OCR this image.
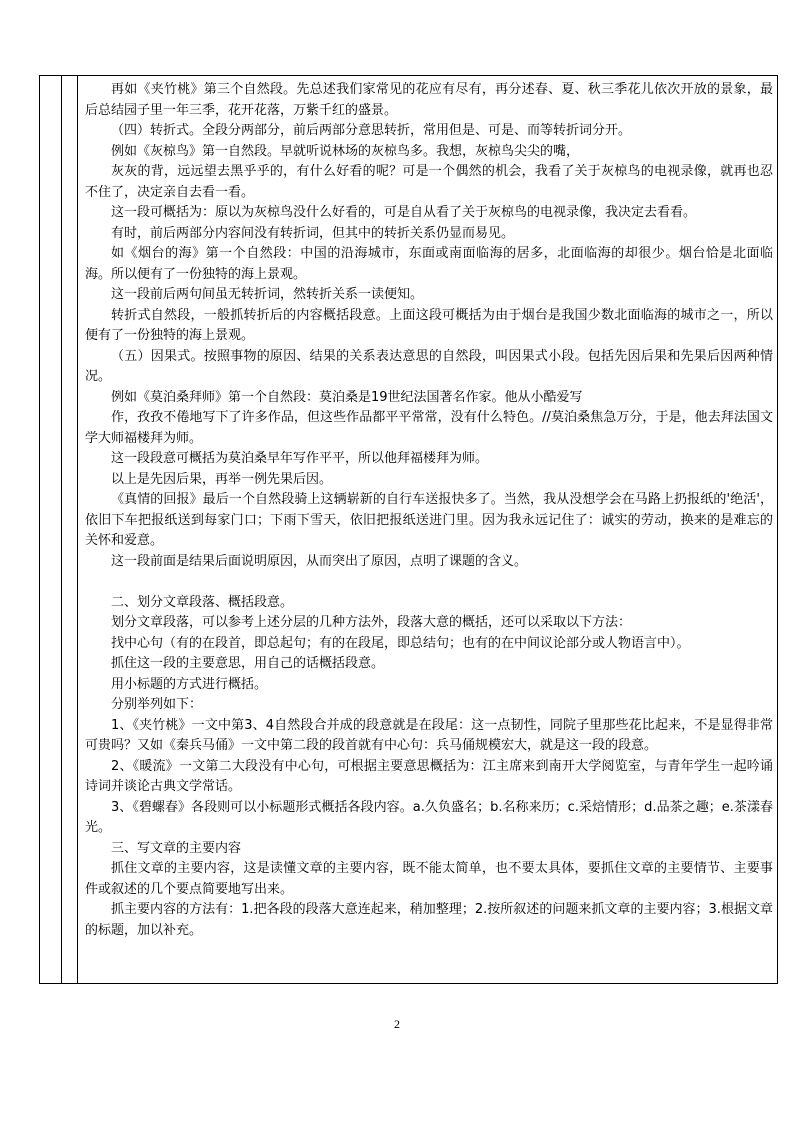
再如《夹竹桃》第三个自然段。先总述我们家常见的花应有尽有，再分述春、夏、秋三季花儿依次开放的景象，最后总结园子里一年三季，花开花落，万紫千红的盛景。

（四）转折式。全段分两部分，前后两部分意思转折，常用但是、可是、而等转折词分开。

例如《灰椋鸟》第一自然段。早就听说林场的灰椋鸟多。我想，灰椋鸟尖尖的嘴，

灰灰的背，远远望去黑乎乎的，有什么好看的呢？可是一个偶然的机会，我看了关于灰椋鸟的电视录像，就再也忍不住了，决定亲自去看一看。

这一段可概括为：原以为灰椋鸟没什么好看的，可是自从看了关于灰椋鸟的电视录像，我决定去看看。

有时，前后两部分内容间没有转折词，但其中的转折关系仍显而易见。

如《烟台的海》第一个自然段：中国的沿海城市，东面或南面临海的居多，北面临海的却很少。烟台恰是北面临海。所以便有了一份独特的海上景观。

这一段前后两句间虽无转折词，然转折关系一读便知。

转折式自然段，一般抓转折后的内容概括段意。上面这段可概括为由于烟台是我国少数北面临海的城市之一，所以便有了一份独特的海上景观。

（五）因果式。按照事物的原因、结果的关系表达意思的自然段，叫因果式小段。包括先因后果和先果后因两种情况。

例如《莫泊桑拜师》第一个自然段：莫泊桑是19世纪法国著名作家。他从小酷爱写

作，孜孜不倦地写下了许多作品，但这些作品都平平常常，没有什么特色。//莫泊桑焦急万分，于是，他去拜法国文学大师福楼拜为师。

这一段段意可概括为莫泊桑早年写作平平，所以他拜福楼拜为师。

以上是先因后果，再举一例先果后因。

《真情的回报》最后一个自然段骑上这辆崭新的自行车送报快多了。当然，我从没想学会在马路上扔报纸的'绝活'，依旧下车把报纸送到每家门口；下雨下雪天，依旧把报纸送进门里。因为我永远记住了：诚实的劳动，换来的是难忘的关怀和爱意。

这一段前面是结果后面说明原因，从而突出了原因，点明了课题的含义。

二、划分文章段落、概括段意。

划分文章段落，可以参考上述分层的几种方法外，段落大意的概括，还可以采取以下方法：

找中心句（有的在段首，即总起句；有的在段尾，即总结句；也有的在中间议论部分或人物语言中）。

抓住这一段的主要意思，用自己的话概括段意。

用小标题的方式进行概括。

分别举列如下：

1、《夹竹桃》一文中第3、4自然段合并成的段意就是在段尾：这一点韧性，同院子里那些花比起来，不是显得非常可贵吗？又如《秦兵马俑》一文中第二段的段首就有中心句：兵马俑规模宏大，就是这一段的段意。

2、《暖流》一文第二大段没有中心句，可根据主要意思概括为：江主席来到南开大学阅览室，与青年学生一起吟诵诗词并谈论古典文学常话。

3、《碧螺春》各段则可以小标题形式概括各段内容。a.久负盛名；b.名称来历；c.采焙情形；d.品茶之趣；e.茶漾春光。

三、写文章的主要内容

抓住文章的主要内容，这是读懂文章的主要内容，既不能太简单，也不要太具体，要抓住文章的主要情节、主要事件或叙述的几个要点简要地写出来。

抓主要内容的方法有：1.把各段的段落大意连起来，稍加整理；2.按所叙述的问题来抓文章的主要内容；3.根据文章的标题，加以补充。

2
